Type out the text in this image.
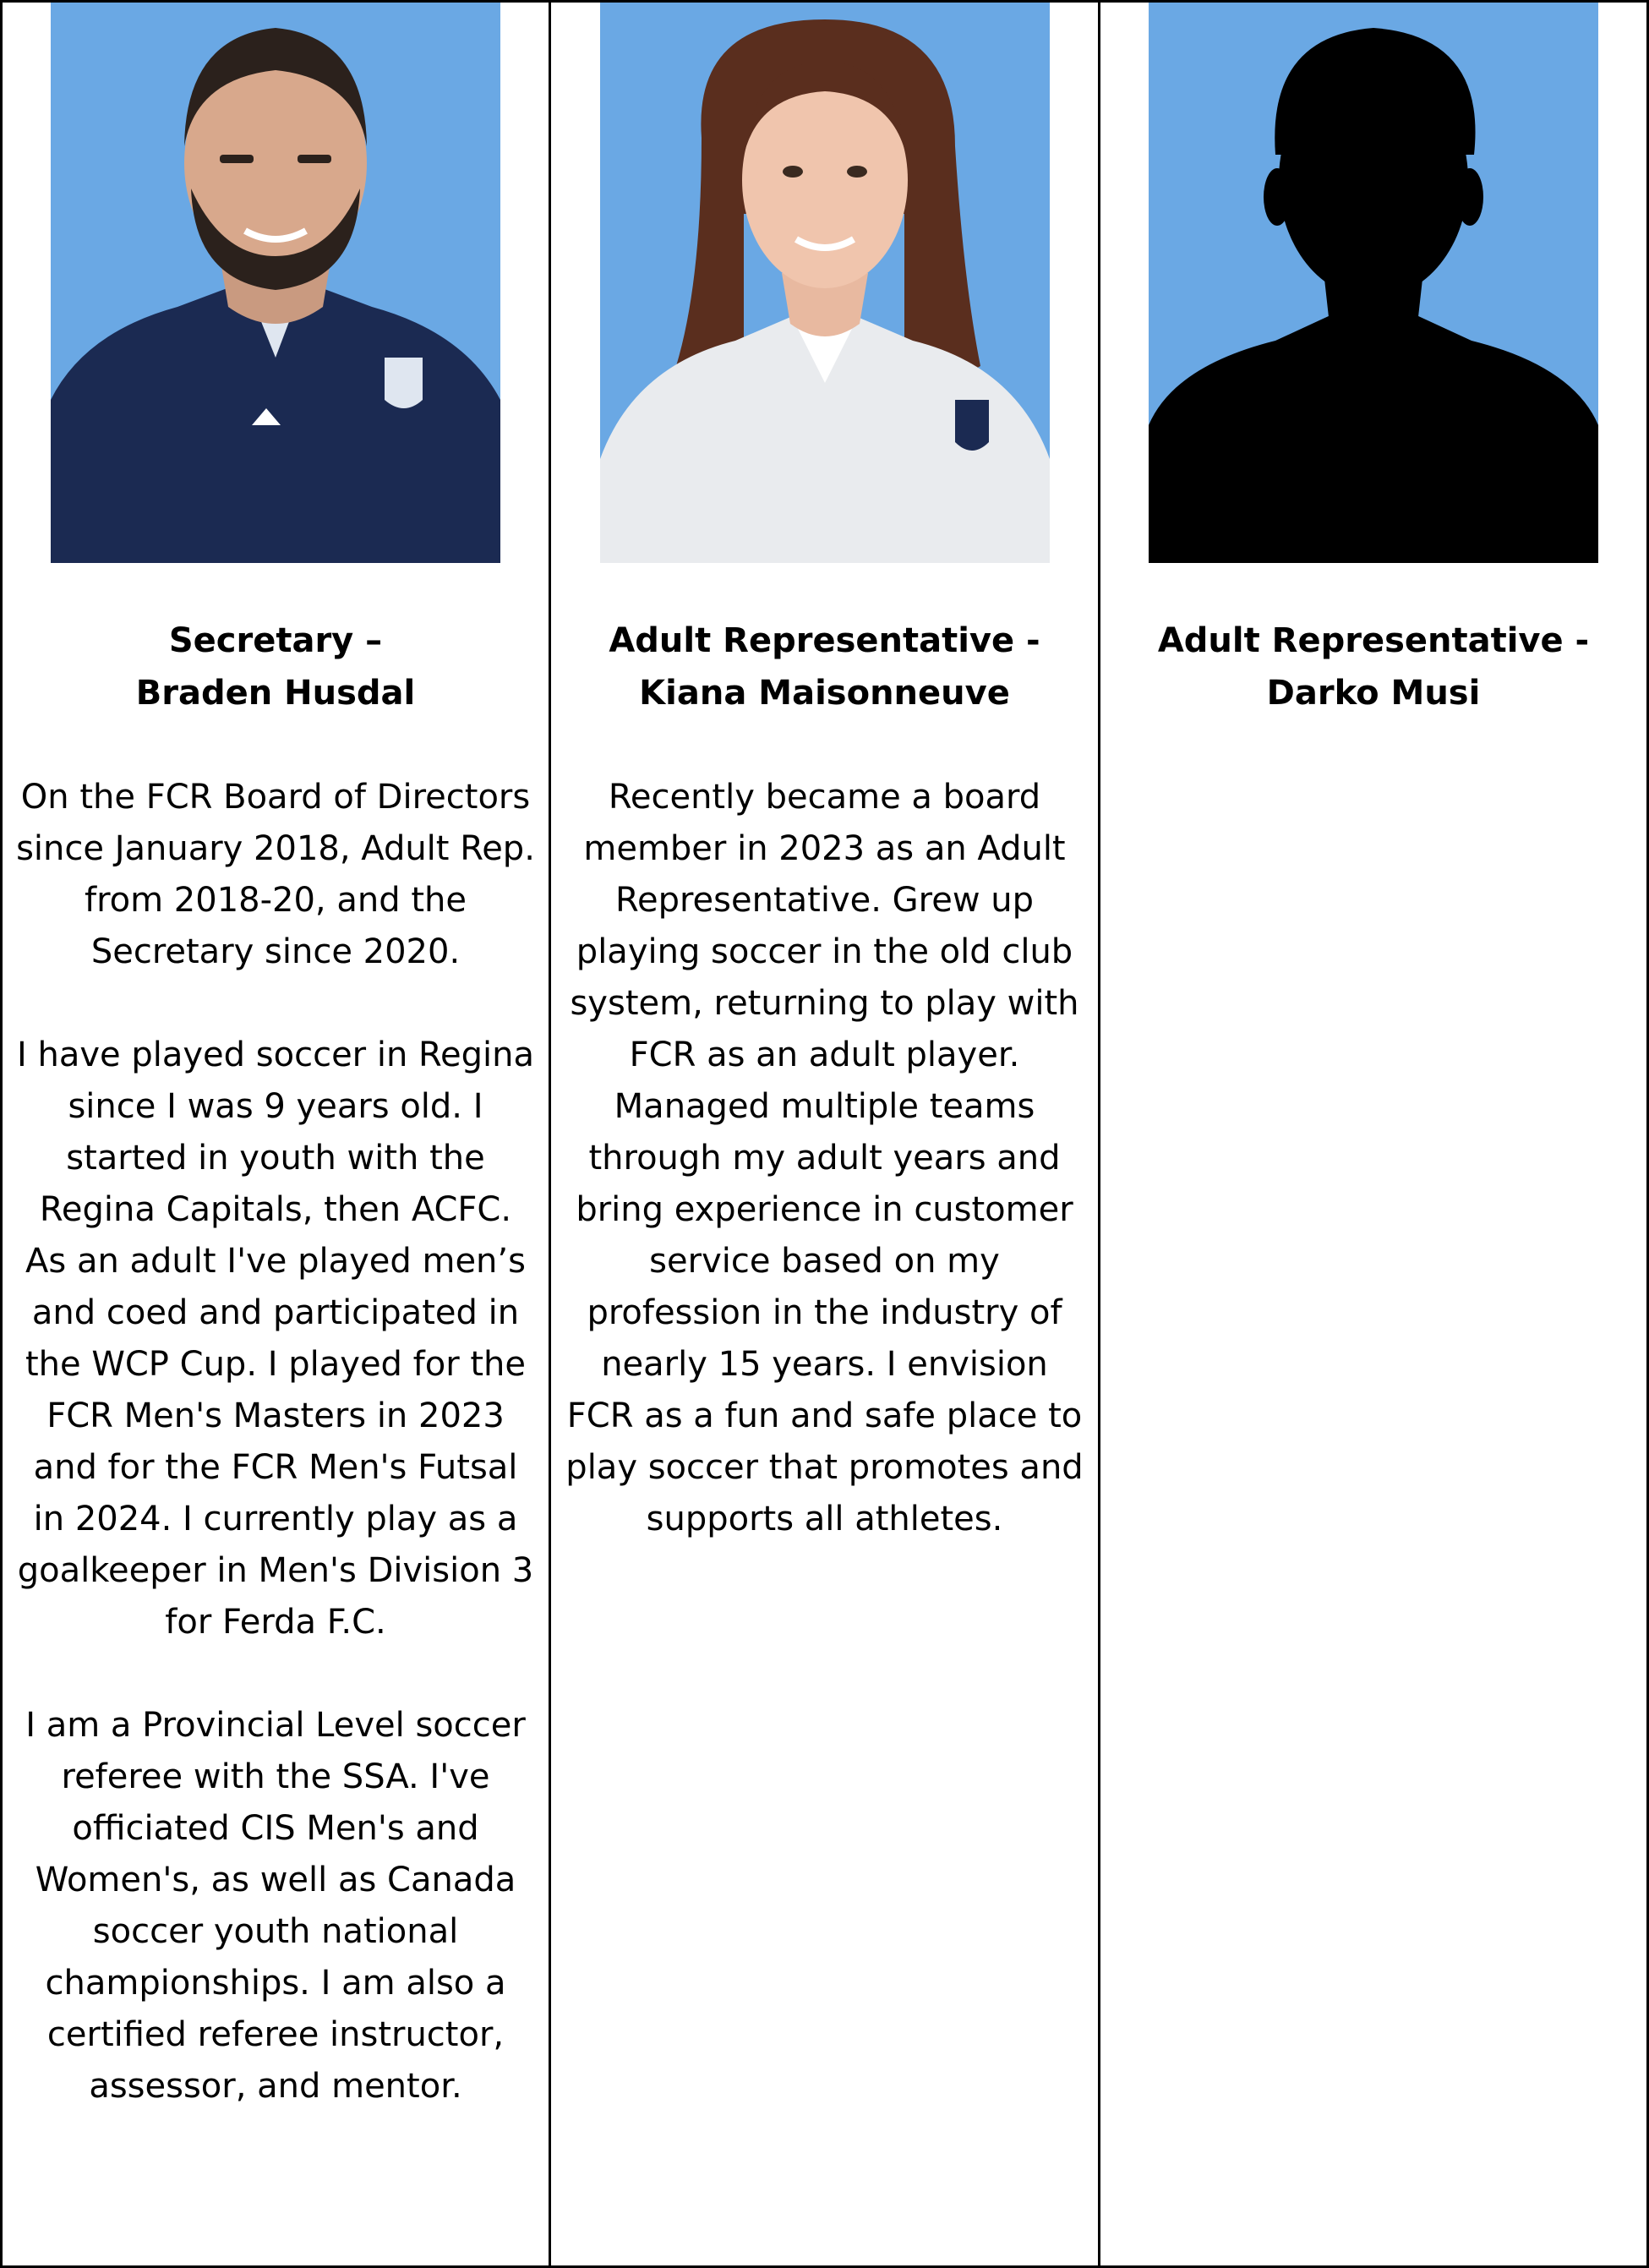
Secretary –
Braden Husdal

On the FCR Board of Directors since January 2018, Adult Rep. from 2018-20, and the Secretary since 2020.

I have played soccer in Regina since I was 9 years old. I started in youth with the Regina Capitals, then ACFC. As an adult I've played men’s and coed and participated in the WCP Cup. I played for the FCR Men's Masters in 2023 and for the FCR Men's Futsal in 2024. I currently play as a goalkeeper in Men's Division 3 for Ferda F.C.

I am a Provincial Level soccer referee with the SSA. I've officiated CIS Men's and Women's, as well as Canada soccer youth national championships. I am also a certified referee instructor, assessor, and mentor.

Adult Representative -
Kiana Maisonneuve

Recently became a board member in 2023 as an Adult Representative. Grew up playing soccer in the old club system, returning to play with FCR as an adult player. Managed multiple teams through my adult years and bring experience in customer service based on my profession in the industry of nearly 15 years. I envision FCR as a fun and safe place to play soccer that promotes and supports all athletes.

Adult Representative -
Darko Musi
